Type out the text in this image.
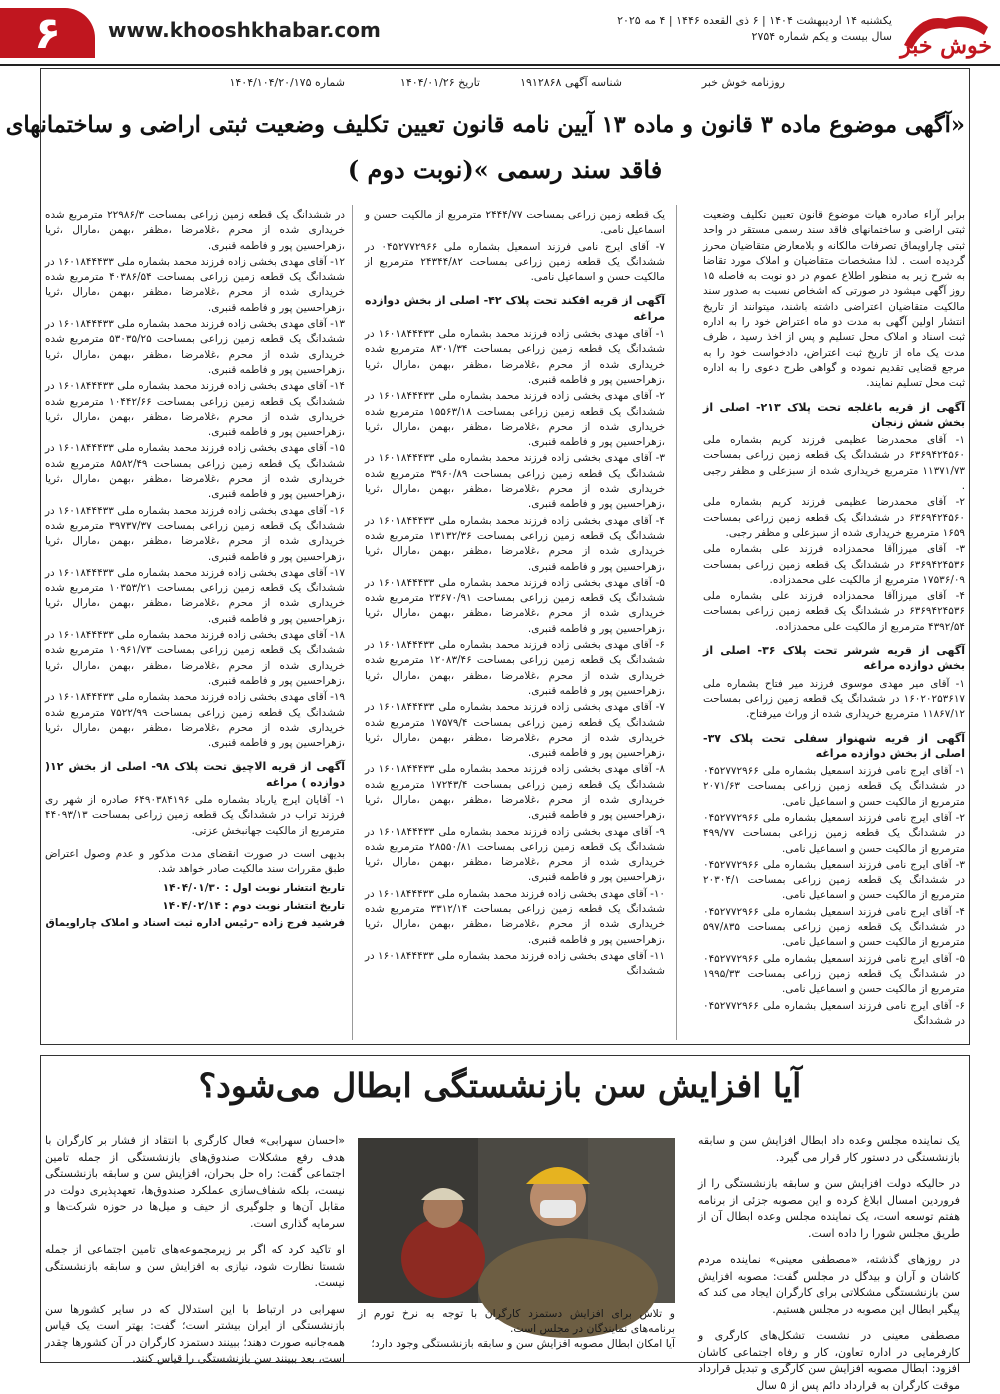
۶ www.khooshkhabar.com	یکشنبه ۱۴ اردیبهشت ۱۴۰۴ | ۶ ذی القعده ۱۴۴۶ | ۴ مه ۲۰۲۵
سال بیست و یکم شماره ۲۷۵۴ خوش خبر
روزنامه خوش خبر
شناسه آگهی ۱۹۱۲۸۶۸
تاریخ ۱۴۰۴/۰۱/۲۶
شماره ۱۴۰۴/۱۰۴/۲۰/۱۷۵
«آگهی موضوع ماده ۳ قانون و ماده ۱۳ آیین نامه قانون تعیین تکلیف وضعیت ثبتی اراضی و ساختمانهای
فاقد سند رسمی »(نوبت دوم )

برابر آراء صادره هیات موضوع قانون تعیین تکلیف وضعیت ثبتی اراضی و ساختمانهای فاقد سند رسمی مستقر در واحد ثبتی چاراویماق تصرفات مالکانه و بلامعارض متقاضیان محرز گردیده است . لذا مشخصات متقاضیان و املاک مورد تقاضا به شرح زیر به منظور اطلاع عموم در دو نوبت به فاصله ۱۵ روز آگهی میشود در صورتی که اشخاص نسبت به صدور سند مالکیت متقاضیان اعتراضی داشته باشند، میتوانند از تاریخ انتشار اولین آگهی به مدت دو ماه اعتراض خود را به اداره ثبت اسناد و املاک محل تسلیم و پس از اخذ رسید ، ظرف مدت یک ماه از تاریخ ثبت اعتراض، دادخواست خود را به مرجع قضایی تقدیم نموده و گواهی طرح دعوی را به اداره ثبت محل تسلیم نمایند.

آگهی از قریه باغلجه تحت پلاک ۲۱۳- اصلی از بخش شش زنجان

۱- آقای محمدرضا عظیمی فرزند کریم بشماره ملی ۶۳۶۹۴۲۴۵۶۰ در ششدانگ یک قطعه زمین زراعی بمساحت ۱۱۳۷۱/۷۳ مترمربع خریداری شده از سبزعلی و مظفر رجبی .

۲- آقای محمدرضا عظیمی فرزند کریم بشماره ملی ۶۳۶۹۴۲۴۵۶۰ در ششدانگ یک قطعه زمین زراعی بمساحت ۱۶۵۹ مترمربع خریداری شده از سبزعلی و مظفر رجبی.

۳- آقای میرزاآقا محمدزاده فرزند علی بشماره ملی ۶۳۶۹۴۲۴۵۳۶ در ششدانگ یک قطعه زمین زراعی بمساحت ۱۷۵۳۶/۰۹ مترمربع از مالکیت علی محمدزاده.

۴- آقای میرزاآقا محمدزاده فرزند علی بشماره ملی ۶۳۶۹۴۲۴۵۳۶ در ششدانگ یک قطعه زمین زراعی بمساحت ۴۳۹۲/۵۴ مترمربع از مالکیت علی محمدزاده.

آگهی از قریه شرشر تحت پلاک ۳۶- اصلی از بخش دوازده مراغه

۱- آقای میر مهدی موسوی فرزند میر فتاح بشماره ملی ۱۶۰۲۰۲۵۳۶۱۷ در ششدانگ یک قطعه زمین زراعی بمساحت ۱۱۸۶۷/۱۲ مترمربع خریداری شده از وراث میرفتاح.

آگهی از قریه شهنواز سفلی تحت پلاک ۳۷- اصلی از بخش دوازده مراغه

۱- آقای ایرج نامی فرزند اسمعیل بشماره ملی ۰۴۵۲۷۷۲۹۶۶ در ششدانگ یک قطعه زمین زراعی بمساحت ۲۰۷۱/۶۳ مترمربع از مالکیت حسن و اسماعیل نامی.

۲- آقای ایرج نامی فرزند اسمعیل بشماره ملی ۰۴۵۲۷۷۲۹۶۶ در ششدانگ یک قطعه زمین زراعی بمساحت ۴۹۹/۷۷ مترمربع از مالکیت حسن و اسماعیل نامی.

۳- آقای ایرج نامی فرزند اسمعیل بشماره ملی ۰۴۵۲۷۷۲۹۶۶ در ششدانگ یک قطعه زمین زراعی بمساحت ۲۰۳۰۴/۱ مترمربع از مالکیت حسن و اسماعیل نامی.

۴- آقای ایرج نامی فرزند اسمعیل بشماره ملی ۰۴۵۲۷۷۲۹۶۶ در ششدانگ یک قطعه زمین زراعی بمساحت ۵۹۷/۸۳۵ مترمربع از مالکیت حسن و اسماعیل نامی.

۵- آقای ایرج نامی فرزند اسمعیل بشماره ملی ۰۴۵۲۷۷۲۹۶۶ در ششدانگ یک قطعه زمین زراعی بمساحت ۱۹۹۵/۳۳ مترمربع از مالکیت حسن و اسماعیل نامی.

۶- آقای ایرج نامی فرزند اسمعیل بشماره ملی ۰۴۵۲۷۷۲۹۶۶ در ششدانگ

یک قطعه زمین زراعی بمساحت ۲۴۴۴/۷۷ مترمربع از مالکیت حسن و اسماعیل نامی.

۷- آقای ایرج نامی فرزند اسمعیل بشماره ملی ۰۴۵۲۷۷۲۹۶۶ در ششدانگ یک قطعه زمین زراعی بمساحت ۲۴۳۴۴/۸۲ مترمربع از مالکیت حسن و اسماعیل نامی.

آگهی از قریه اقکند تحت پلاک ۴۲- اصلی از بخش دوازده مراغه

۱- آقای مهدی بخشی زاده فرزند محمد بشماره ملی ۱۶۰۱۸۴۴۴۳۳ در ششدانگ یک قطعه زمین زراعی بمساحت ۸۳۰۱/۳۴ مترمربع شده خریداری شده از محرم ،غلامرضا ،مظفر ،بهمن ،مارال ،ثریا ،زهراحسین پور و فاطمه قنبری.

۲- آقای مهدی بخشی زاده فرزند محمد بشماره ملی ۱۶۰۱۸۴۴۴۳۳ در ششدانگ یک قطعه زمین زراعی بمساحت ۱۵۵۶۳/۱۸ مترمربع شده خریداری شده از محرم ،غلامرضا ،مظفر ،بهمن ،مارال ،ثریا ،زهراحسین پور و فاطمه قنبری.

۳- آقای مهدی بخشی زاده فرزند محمد بشماره ملی ۱۶۰۱۸۴۴۴۳۳ در ششدانگ یک قطعه زمین زراعی بمساحت ۳۹۶۰/۸۹ مترمربع شده خریداری شده از محرم ،غلامرضا ،مظفر ،بهمن ،مارال ،ثریا ،زهراحسین پور و فاطمه قنبری.

۴- آقای مهدی بخشی زاده فرزند محمد بشماره ملی ۱۶۰۱۸۴۴۴۳۳ در ششدانگ یک قطعه زمین زراعی بمساحت ۱۳۱۳۲/۳۶ مترمربع شده خریداری شده از محرم ،غلامرضا ،مظفر ،بهمن ،مارال ،ثریا ،زهراحسین پور و فاطمه قنبری.

۵- آقای مهدی بخشی زاده فرزند محمد بشماره ملی ۱۶۰۱۸۴۴۴۳۳ در ششدانگ یک قطعه زمین زراعی بمساحت ۲۳۶۷۰/۹۱ مترمربع شده خریداری شده از محرم ،غلامرضا ،مظفر ،بهمن ،مارال ،ثریا ،زهراحسین پور و فاطمه قنبری.

۶- آقای مهدی بخشی زاده فرزند محمد بشماره ملی ۱۶۰۱۸۴۴۴۳۳ در ششدانگ یک قطعه زمین زراعی بمساحت ۱۲۰۸۳/۴۶ مترمربع شده خریداری شده از محرم ،غلامرضا ،مظفر ،بهمن ،مارال ،ثریا ،زهراحسین پور و فاطمه قنبری.

۷- آقای مهدی بخشی زاده فرزند محمد بشماره ملی ۱۶۰۱۸۴۴۴۳۳ در ششدانگ یک قطعه زمین زراعی بمساحت ۱۷۵۷۹/۴ مترمربع شده خریداری شده از محرم ،غلامرضا ،مظفر ،بهمن ،مارال ،ثریا ،زهراحسین پور و فاطمه قنبری.

۸- آقای مهدی بخشی زاده فرزند محمد بشماره ملی ۱۶۰۱۸۴۴۴۳۳ در ششدانگ یک قطعه زمین زراعی بمساحت ۱۷۲۴۳/۴ مترمربع شده خریداری شده از محرم ،غلامرضا ،مظفر ،بهمن ،مارال ،ثریا ،زهراحسین پور و فاطمه قنبری.

۹- آقای مهدی بخشی زاده فرزند محمد بشماره ملی ۱۶۰۱۸۴۴۴۳۳ در ششدانگ یک قطعه زمین زراعی بمساحت ۲۸۵۵۰/۸۱ مترمربع شده خریداری شده از محرم ،غلامرضا ،مظفر ،بهمن ،مارال ،ثریا ،زهراحسین پور و فاطمه قنبری.

۱۰- آقای مهدی بخشی زاده فرزند محمد بشماره ملی ۱۶۰۱۸۴۴۴۳۳ در ششدانگ یک قطعه زمین زراعی بمساحت ۳۳۱۲/۱۴ مترمربع شده خریداری شده از محرم ،غلامرضا ،مظفر ،بهمن ،مارال ،ثریا ،زهراحسین پور و فاطمه قنبری.

۱۱- آقای مهدی بخشی زاده فرزند محمد بشماره ملی ۱۶۰۱۸۴۴۴۳۳ در ششدانگ

در ششدانگ یک قطعه زمین زراعی بمساحت ۲۲۹۸۶/۳ مترمربع شده خریداری شده از محرم ،غلامرضا ،مظفر ،بهمن ،مارال ،ثریا ،زهراحسین پور و فاطمه قنبری.

۱۲- آقای مهدی بخشی زاده فرزند محمد بشماره ملی ۱۶۰۱۸۴۴۴۳۳ در ششدانگ یک قطعه زمین زراعی بمساحت ۴۰۳۸۶/۵۴ مترمربع شده خریداری شده از محرم ،غلامرضا ،مظفر ،بهمن ،مارال ،ثریا ،زهراحسین پور و فاطمه قنبری.

۱۳- آقای مهدی بخشی زاده فرزند محمد بشماره ملی ۱۶۰۱۸۴۴۴۳۳ در ششدانگ یک قطعه زمین زراعی بمساحت ۵۳۰۳۵/۲۵ مترمربع شده خریداری شده از محرم ،غلامرضا ،مظفر ،بهمن ،مارال ،ثریا ،زهراحسین پور و فاطمه قنبری.

۱۴- آقای مهدی بخشی زاده فرزند محمد بشماره ملی ۱۶۰۱۸۴۴۴۳۳ در ششدانگ یک قطعه زمین زراعی بمساحت ۱۰۴۴۲/۶۶ مترمربع شده خریداری شده از محرم ،غلامرضا ،مظفر ،بهمن ،مارال ،ثریا ،زهراحسین پور و فاطمه قنبری.

۱۵- آقای مهدی بخشی زاده فرزند محمد بشماره ملی ۱۶۰۱۸۴۴۴۳۳ در ششدانگ یک قطعه زمین زراعی بمساحت ۸۵۸۲/۴۹ مترمربع شده خریداری شده از محرم ،غلامرضا ،مظفر ،بهمن ،مارال ،ثریا ،زهراحسین پور و فاطمه قنبری.

۱۶- آقای مهدی بخشی زاده فرزند محمد بشماره ملی ۱۶۰۱۸۴۴۴۳۳ در ششدانگ یک قطعه زمین زراعی بمساحت ۳۹۷۳۷/۳۷ مترمربع شده خریداری شده از محرم ،غلامرضا ،مظفر ،بهمن ،مارال ،ثریا ،زهراحسین پور و فاطمه قنبری.

۱۷- آقای مهدی بخشی زاده فرزند محمد بشماره ملی ۱۶۰۱۸۴۴۴۳۳ در ششدانگ یک قطعه زمین زراعی بمساحت ۱۰۳۵۳/۲۱ مترمربع شده خریداری شده از محرم ،غلامرضا ،مظفر ،بهمن ،مارال ،ثریا ،زهراحسین پور و فاطمه قنبری.

۱۸- آقای مهدی بخشی زاده فرزند محمد بشماره ملی ۱۶۰۱۸۴۴۴۳۳ در ششدانگ یک قطعه زمین زراعی بمساحت ۱۰۹۶۱/۷۳ مترمربع شده خریداری شده از محرم ،غلامرضا ،مظفر ،بهمن ،مارال ،ثریا ،زهراحسین پور و فاطمه قنبری.

۱۹- آقای مهدی بخشی زاده فرزند محمد بشماره ملی ۱۶۰۱۸۴۴۴۳۳ در ششدانگ یک قطعه زمین زراعی بمساحت ۷۵۲۲/۹۹ مترمربع شده خریداری شده از محرم ،غلامرضا ،مظفر ،بهمن ،مارال ،ثریا ،زهراحسین پور و فاطمه قنبری.

آگهی از قریه الاچیق تحت پلاک ۹۸- اصلی از بخش ۱۲( دوازده ) مراغه

۱- آقایان ایرج یارباد بشماره ملی ۶۴۹۰۳۸۴۱۹۶ صادره از شهر ری فرزند تراب در ششدانگ یک قطعه زمین زراعی بمساحت ۴۴۰۹۳/۱۳ مترمربع از مالکیت جهانبخش عزتی.

بدیهی است در صورت انقضای مدت مذکور و عدم وصول اعتراض طبق مقررات سند مالکیت صادر خواهد شد.

تاریخ انتشار نوبت اول : ۱۴۰۴/۰۱/۳۰
تاریخ انتشار نوبت دوم : ۱۴۰۴/۰۲/۱۴
فرشید فرج زاده –رئیس اداره ثبت اسناد و املاک چاراویماق
آیا افزایش سن بازنشستگی ابطال می‌شود؟

یک نماینده مجلس وعده داد ابطال افزایش سن و سابقه بازنشستگی در دستور کار قرار می گیرد.

در حالیکه دولت افزایش سن و سابقه بازنشستگی را از فروردین امسال ابلاغ کرده و این مصوبه جزئی از برنامه هفتم توسعه است، یک نماینده مجلس وعده ابطال آن از طریق مجلس شورا را داده است.

در روزهای گذشته، «مصطفی معینی» نماینده مردم کاشان و آران و بیدگل در مجلس گفت: مصوبه افزایش سن بازنشستگی مشکلاتی برای کارگران ایجاد می کند که پیگیر ابطال این مصوبه در مجلس هستیم.

مصطفی معینی در نشست تشکل‌های کارگری و کارفرمایی در اداره تعاون، کار و رفاه اجتماعی کاشان افزود: ابطال مصوبه افزایش سن کارگری و تبدیل قرارداد موقت کارگران به قرارداد دائم پس از ۵ سال

و تلاش برای افزایش دستمزد کارگران با توجه به نرخ تورم از برنامه‌های نمایندگان در مجلس است.
آیا امکان ابطال مصوبه افزایش سن و سابقه بازنشستگی وجود دارد؛

«احسان سهرابی» فعال کارگری با انتقاد از فشار بر کارگران با هدف رفع مشکلات صندوق‌های بازنشستگی از جمله تامین اجتماعی گفت: راه حل بحران، افزایش سن و سابقه بازنشستگی نیست، بلکه شفاف‌سازی عملکرد صندوق‌ها، تعهدپذیری دولت در مقابل آن‌ها و جلوگیری از حیف و میل‌ها در حوزه شرکت‌ها و سرمایه گذاری است.

او تاکید کرد که اگر بر زیرمجموعه‌های تامین اجتماعی از جمله شستا نظارت شود، نیازی به افزایش سن و سابقه بازنشستگی نیست.

سهرابی در ارتباط با این استدلال که در سایر کشورها سن بازنشستگی از ایران بیشتر است؛ گفت: بهتر است یک قیاس همه‌جانبه صورت دهند؛ ببینند دستمزد کارگران در آن کشورها چقدر است، بعد ببینند سن بازنشستگی را قیاس کنند.
